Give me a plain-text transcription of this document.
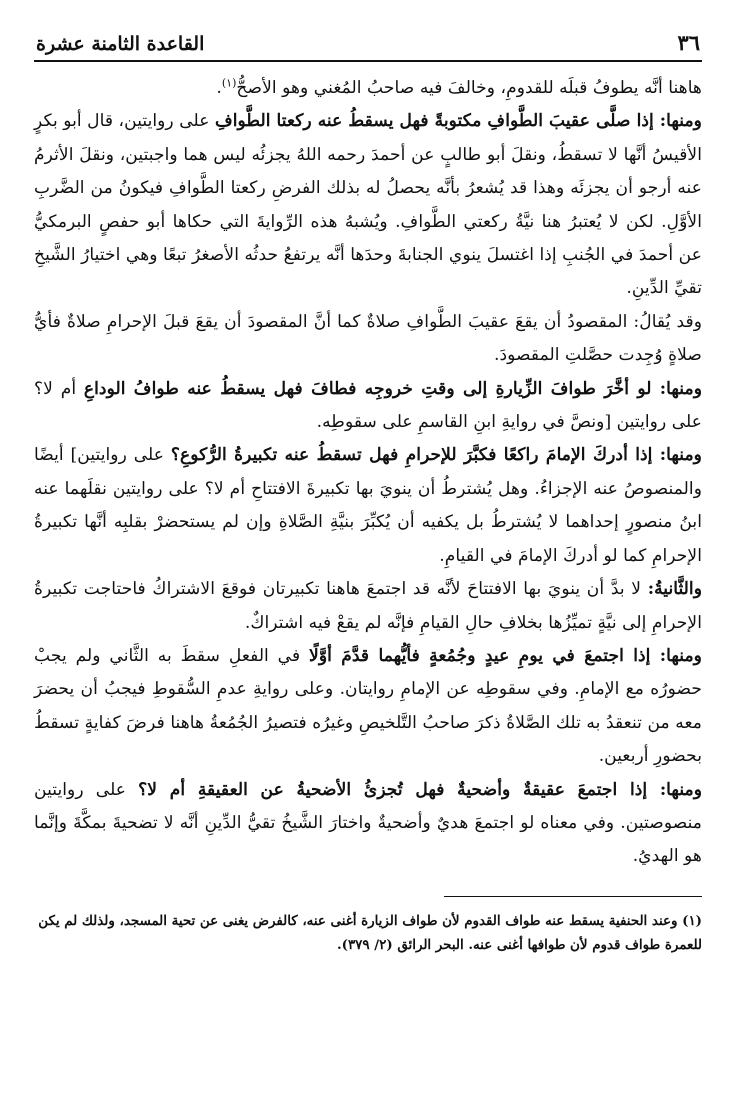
٣٦
القاعدة الثامنة عشرة

هاهنا أنَّه يطوفُ قبلَه للقدومِ، وخالفَ فيه صاحبُ المُغني وهو الأصحُّ$^{(١)}$.

ومنها: إذا صلَّى عقيبَ الطَّوافِ مكتوبةً فهل يسقطُ عنه ركعتا الطَّوافِ على روايتين، قال أبو بكرٍ الأقيسُ أنَّها لا تسقطُ، ونقلَ أبو طالبٍ عن أحمدَ رحمه اللهُ يجزئُه ليس هما واجبتين، ونقلَ الأثرمُ عنه أرجو أن يجزئَه وهذا قد يُشعرُ بأنَّه يحصلُ له بذلك الفرضِ ركعتا الطَّوافِ فيكونُ من الضَّربِ الأوَّلِ. لكن لا يُعتبرُ هنا نيَّةُ ركعتي الطَّوافِ. ويُشبهُ هذه الرِّوايةَ التي حكاها أبو حفصٍ البرمكيُّ عن أحمدَ في الجُنبِ إذا اغتسلَ ينوي الجنابةَ وحدَها أنَّه يرتفعُ حدثُه الأصغرُ تبعًا وهي اختيارُ الشَّيخِ تقيِّ الدِّينِ.

وقد يُقالُ: المقصودُ أن يقعَ عقيبَ الطَّوافِ صلاةٌ كما أنَّ المقصودَ أن يقعَ قبلَ الإحرامِ صلاةٌ فأيُّ صلاةٍ وُجِدت حصَّلتِ المقصودَ.

ومنها: لو أخَّرَ طوافَ الزِّيارةِ إلى وقتِ خروجِه فطافَ فهل يسقطُ عنه طوافُ الوداعِ أم لا؟ على روايتين [ونصَّ في روايةِ ابنِ القاسمِ على سقوطِه.

ومنها: إذا أدركَ الإمامَ راكعًا فكبَّرَ للإحرامِ فهل تسقطُ عنه تكبيرةُ الرُّكوعِ؟ على روايتين] أيضًا والمنصوصُ عنه الإجزاءُ. وهل يُشترطُ أن ينويَ بها تكبيرةَ الافتتاحِ أم لا؟ على روايتين نقلَهما عنه ابنُ منصورٍ إحداهما لا يُشترطُ بل يكفيه أن يُكبِّرَ بنيَّةِ الصَّلاةِ وإن لم يستحضرْ بقلبِه أنَّها تكبيرةُ الإحرامِ كما لو أدركَ الإمامَ في القيامِ.

والثَّانيةُ: لا بدَّ أن ينويَ بها الافتتاحَ لأنَّه قد اجتمعَ هاهنا تكبيرتان فوقعَ الاشتراكُ فاحتاجت تكبيرةُ الإحرامِ إلى نيَّةٍ تميِّزُها بخلافِ حالِ القيامِ فإنَّه لم يقعْ فيه اشتراكٌ.

ومنها: إذا اجتمعَ في يومِ عيدٍ وجُمُعةٍ فأيُّهما قدَّمَ أوَّلًا في الفعلِ سقطَ به الثَّاني ولم يجبْ حضورُه مع الإمامِ. وفي سقوطِه عن الإمامِ روايتان. وعلى روايةِ عدمِ السُّقوطِ فيجبُ أن يحضرَ معه من تنعقدُ به تلك الصَّلاةُ ذكرَ صاحبُ التَّلخيصِ وغيرُه فتصيرُ الجُمُعةُ هاهنا فرضَ كفايةٍ تسقطُ بحضورِ أربعين.

ومنها: إذا اجتمعَ عقيقةٌ وأضحيةٌ فهل تُجزئُ الأضحيةُ عن العقيقةِ أم لا؟ على روايتين منصوصتين. وفي معناه لو اجتمعَ هديٌ وأضحيةٌ واختارَ الشَّيخُ تقيُّ الدِّينِ أنَّه لا تضحيةَ بمكَّةَ وإنَّما هو الهديُ.

(١) وعند الحنفية يسقط عنه طواف القدوم لأن طواف الزيارة أغنى عنه، كالفرض يغنى عن تحية المسجد، ولذلك لم يكن للعمرة طواف قدوم لأن طوافها أغنى عنه. البحر الرائق (٢/ ٣٧٩).
